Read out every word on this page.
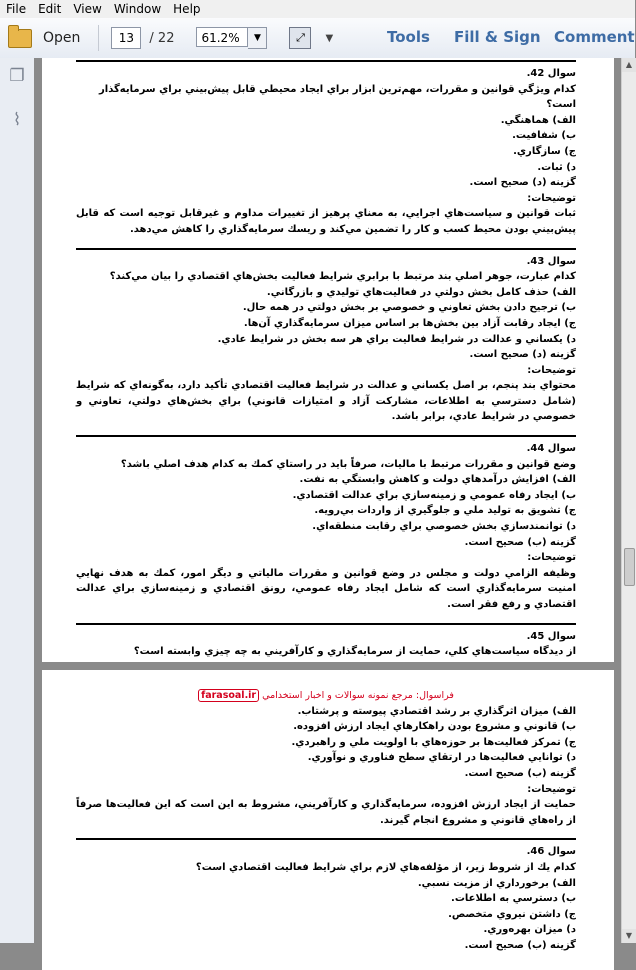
File	Edit	View	Window	Help
Open	13	/ 22	61.2%	▼	⤢	▼	Tools Fill & Sign Comment
❐
⌇
سوال 42.
كدام ويژگي قوانين و مقررات، مهم‌ترين ابزار براي ايجاد محيطي قابل پيش‌بيني براي سرمايه‌گذار است؟
الف) هماهنگي.
ب) شفافيت.
ج) سازگاري.
د) ثبات.
گزينه (د) صحيح است.
توضيحات:
ثبات قوانين و سياست‌هاي اجرايي، به معناي پرهيز از تغييرات مداوم و غيرقابل توجيه است كه قابل پيش‌بيني بودن محيط كسب و كار را تضمين مي‌كند و ريسك سرمايه‌گذاري را كاهش مي‌دهد.
سوال 43.
كدام عبارت، جوهر اصلي بند مرتبط با برابري شرايط فعاليت بخش‌هاي اقتصادي را بيان مي‌كند؟
الف) حذف كامل بخش دولتي در فعاليت‌هاي توليدي و بازرگاني.
ب) ترجيح دادن بخش تعاوني و خصوصي بر بخش دولتي در همه حال.
ج) ايجاد رقابت آزاد بين بخش‌ها بر اساس ميزان سرمايه‌گذاري آن‌ها.
د) يكساني و عدالت در شرايط فعاليت براي هر سه بخش در شرايط عادي.
گزينه (د) صحيح است.
توضيحات:
محتواي بند پنجم، بر اصل يكساني و عدالت در شرايط فعاليت اقتصادي تأكيد دارد، به‌گونه‌اي كه شرايط (شامل دسترسي به اطلاعات، مشاركت آزاد و امتيازات قانوني) براي بخش‌هاي دولتي، تعاوني و خصوصي در شرايط عادي، برابر باشد.
سوال 44.
وضع قوانين و مقررات مرتبط با ماليات، صرفاً بايد در راستاي كمك به كدام هدف اصلي باشد؟
الف) افزايش درآمدهاي دولت و كاهش وابستگي به نفت.
ب) ايجاد رفاه عمومي و زمينه‌سازي براي عدالت اقتصادي.
ج) تشويق به توليد ملي و جلوگيري از واردات بي‌رويه.
د) توانمندسازي بخش خصوصي براي رقابت منطقه‌اي.
گزينه (ب) صحيح است.
توضيحات:
وظيفه الزامي دولت و مجلس در وضع قوانين و مقررات مالياتي و ديگر امور، كمك به هدف نهايي امنيت سرمايه‌گذاري است كه شامل ايجاد رفاه عمومي، رونق اقتصادي و زمينه‌سازي براي عدالت اقتصادي و رفع فقر است.
سوال 45.
از ديدگاه سياست‌هاي كلي، حمايت از سرمايه‌گذاري و كارآفريني به چه چيزي وابسته است؟
فراسوال: مرجع نمونه سوالات و اخبار استخدامي farasoal.ir
الف) ميزان اثرگذاري بر رشد اقتصادي پيوسته و پرشتاب.
ب) قانوني و مشروع بودن راهكارهاي ايجاد ارزش افزوده.
ج) تمركز فعاليت‌ها بر حوزه‌هاي با اولويت ملي و راهبردي.
د) توانايي فعاليت‌ها در ارتقاي سطح فناوري و نوآوري.
گزينه (ب) صحيح است.
توضيحات:
حمايت از ايجاد ارزش افزوده، سرمايه‌گذاري و كارآفريني، مشروط به اين است كه اين فعاليت‌ها صرفاً از راه‌هاي قانوني و مشروع انجام گيرند.
سوال 46.
كدام يك از شروط زير، از مؤلفه‌هاي لازم براي شرايط فعاليت اقتصادي است؟
الف) برخورداري از مزيت نسبي.
ب) دسترسي به اطلاعات.
ج) داشتن نيروي متخصص.
د) ميزان بهره‌وري.
گزينه (ب) صحيح است.
▲
▼
